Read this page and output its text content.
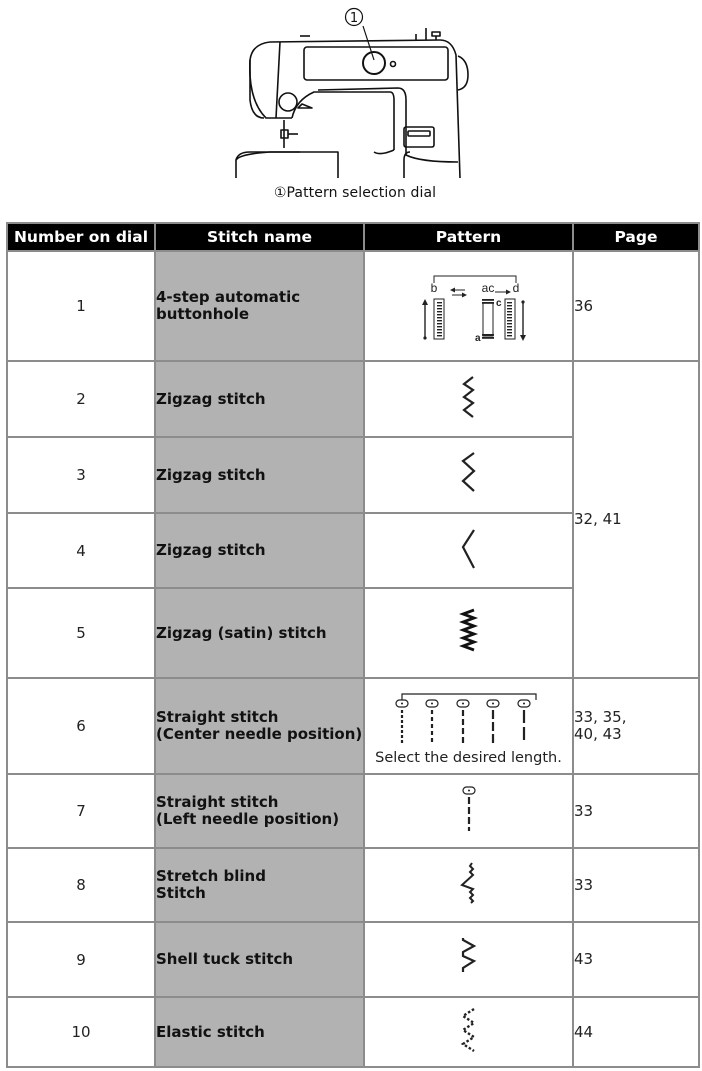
1
①Pattern selection dial
Number on dial	Stitch name	Pattern	Page
1	4-step automatic
buttonhole	b ac d
c
a	36
2	Zigzag stitch		32, 41
3	Zigzag stitch	
4	Zigzag stitch	
5	Zigzag (satin) stitch	
6	Straight stitch
(Center needle position)	Select the desired length.	33, 35,
40, 43
7	Straight stitch
(Left needle position)		33
8	Stretch blind
Stitch		33
9	Shell tuck stitch		43
10	Elastic stitch		44
